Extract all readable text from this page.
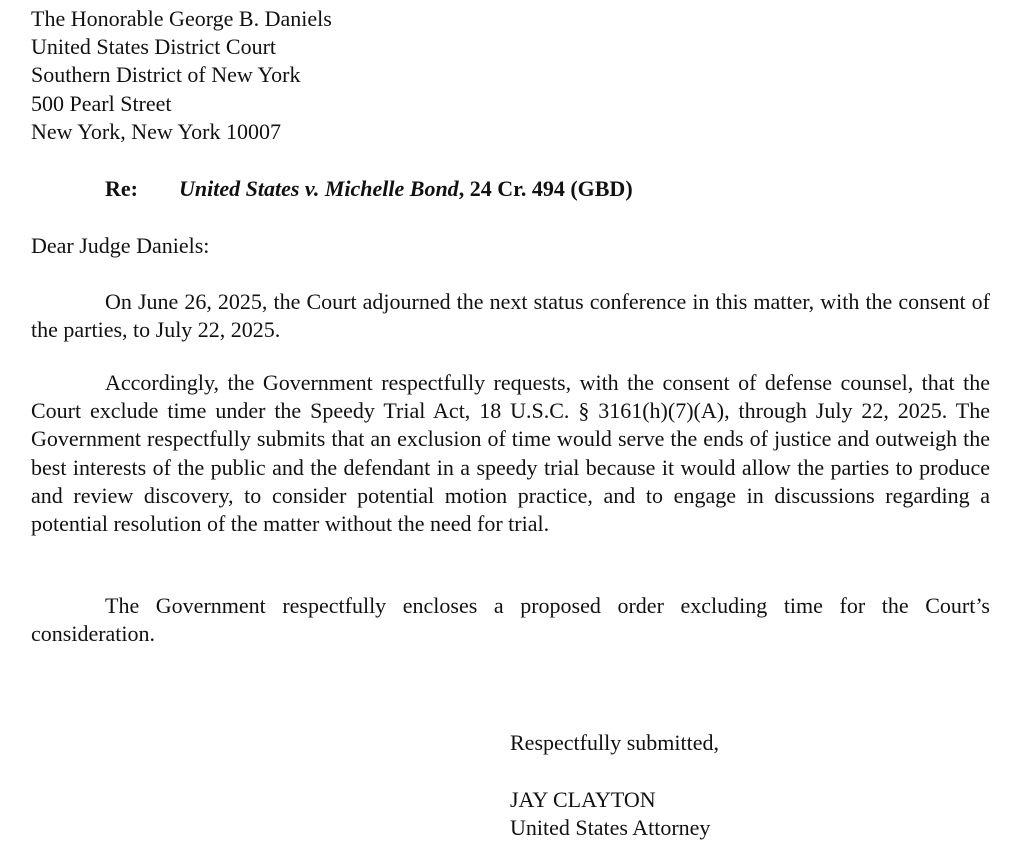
The Honorable George B. Daniels
United States District Court
Southern District of New York
500 Pearl Street
New York, New York 10007
Re: United States v. Michelle Bond, 24 Cr. 494 (GBD)
Dear Judge Daniels:

On June 26, 2025, the Court adjourned the next status conference in this matter, with the consent of the parties, to July 22, 2025.

Accordingly, the Government respectfully requests, with the consent of defense counsel, that the Court exclude time under the Speedy Trial Act, 18 U.S.C. § 3161(h)(7)(A), through July 22, 2025. The Government respectfully submits that an exclusion of time would serve the ends of justice and outweigh the best interests of the public and the defendant in a speedy trial because it would allow the parties to produce and review discovery, to consider potential motion practice, and to engage in discussions regarding a potential resolution of the matter without the need for trial.

The Government respectfully encloses a proposed order excluding time for the Court’s consideration.

Respectfully submitted,
JAY CLAYTON
United States Attorney
